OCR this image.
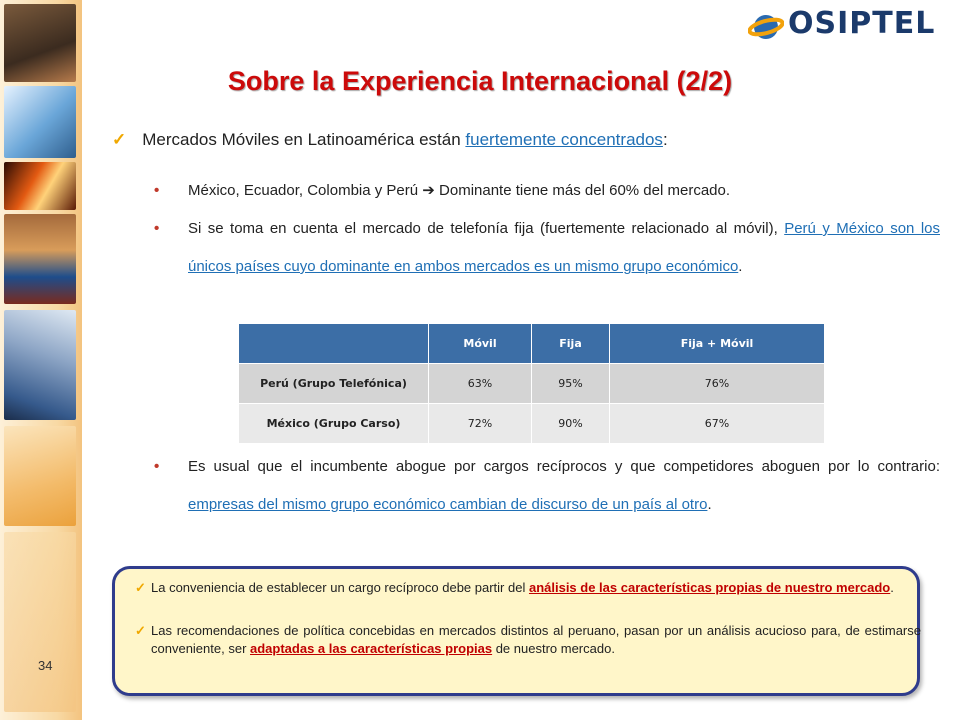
34
OSIPTEL
Sobre la Experiencia Internacional (2/2)
✓ Mercados Móviles en Latinoamérica están fuertemente concentrados:
• México, Ecuador, Colombia y Perú ➔ Dominante tiene más del 60% del mercado.
• Si se toma en cuenta el mercado de telefonía fija (fuertemente relacionado al móvil), Perú y México son los únicos países cuyo dominante en ambos mercados es un mismo grupo económico.
• Es usual que el incumbente abogue por cargos recíprocos y que competidores aboguen por lo contrario: empresas del mismo grupo económico cambian de discurso de un país al otro.
	Móvil	Fija	Fija + Móvil
Perú (Grupo Telefónica)	63%	95%	76%
México (Grupo Carso)	72%	90%	67%
✓ La conveniencia de establecer un cargo recíproco debe partir del análisis de las características propias de nuestro mercado.
✓ Las recomendaciones de política concebidas en mercados distintos al peruano, pasan por un análisis acucioso para, de estimarse conveniente, ser adaptadas a las características propias de nuestro mercado.
